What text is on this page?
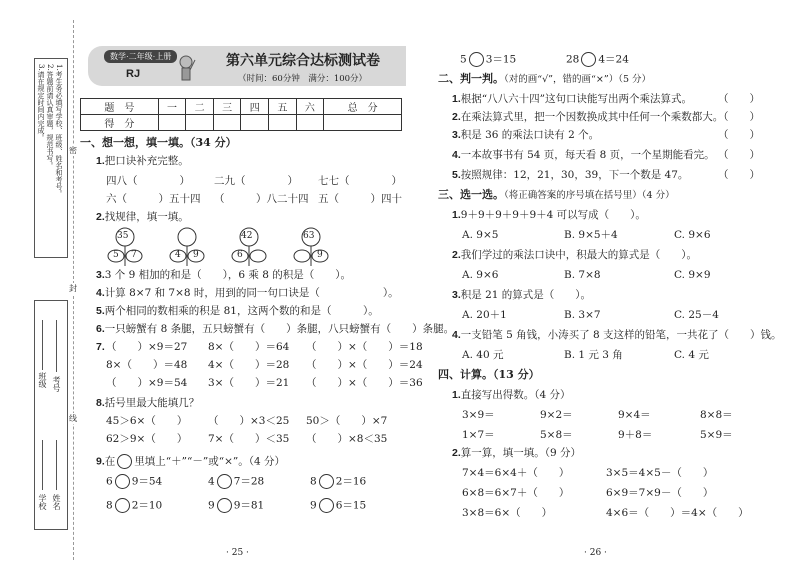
1.考生务必填写学校、班级、姓名和考号。
2.答题前请认真审题，规范书写。
3.请在规定时间内完成。
班级 考号
学校 姓名
密
封
线
数学·二年级·上册
RJ
第六单元综合达标测试卷
（时间：60分钟　满分：100分）
题　号	一	二	三	四	五	六	总　分
得　分							
一、想一想，填一填。（34 分）
1.把口诀补充完整。
四八（　　　　） 二九（　　　　） 七七（　　　　）
六（　　　）五十四 （　　　）八二十四 五（　　　）四十
2.找规律，填一填。
35
5 7	4 9
42
6
63
9
3.3 个 9 相加的和是（　　），6 乘 8 的积是（　　）。
4.计算 8×7 和 7×8 时，用到的同一句口诀是（　　　　　　）。
5.两个相同的数相乘的积是 81，这两个数的和是（　　　）。
6.一只螃蟹有 8 条腿，五只螃蟹有（　　）条腿，八只螃蟹有（　　）条腿。
7. （　　）×9＝27 8×（　　）＝64 （　　）×（　　）＝18
8×（　　）＝48 4×（　　）＝28 （　　）×（　　）＝24
（　　）×9＝54 3×（　　）＝21 （　　）×（　　）＝36
8.括号里最大能填几？
45＞6×（　　） （　　）×3＜25 50＞（　　）×7
62＞9×（　　） 7×（　　）＜35 （　　）×8＜35
9.在 里填上“＋”“－”或“×”。（4 分）
6 9＝54	4 7＝28	8 2＝16
8 2＝10	9 9＝81	9 6＝15
· 25 ·
5 3＝15	28 4＝24
二、判一判。（对的画“√”，错的画“×”）（5 分）
1.根据“八八六十四”这句口诀能写出两个乘法算式。 （　　）
2.在乘法算式里，把一个因数换成其中任何一个乘数都大。
（　　）
3.积是 36 的乘法口诀有 2 个。	（　　）
4.一本故事书有 54 页，每天看 8 页，一个星期能看完。 （　　）
5.按照规律：12，21，30，39，下一个数是 47。	（　　）
三、选一选。（将正确答案的序号填在括号里）（4 分）
1.9＋9＋9＋9＋9＋4 可以写成（　　）。
A. 9×5	B. 9×5＋4	C. 9×6
2.我们学过的乘法口诀中，积最大的算式是（　　）。
A. 9×6	B. 7×8	C. 9×9
3.积是 21 的算式是（　　）。
A. 20＋1	B. 3×7	C. 25－4
4.一支铅笔 5 角钱，小涛买了 8 支这样的铅笔，一共花了（　　）钱。
A. 40 元	B. 1 元 3 角	C. 4 元
四、计算。（13 分）
1.直接写出得数。（4 分）
3×9＝	9×2＝	9×4＝	8×8＝
1×7＝	5×8＝	9＋8＝	5×9＝
2.算一算，填一填。（9 分）
7×4＝6×4＋（　　）	3×5＝4×5－（　　）
6×8＝6×7＋（　　）	6×9＝7×9－（　　）
3×8＝6×（　　）	4×6＝（　　）＝4×（　　）
· 26 ·
